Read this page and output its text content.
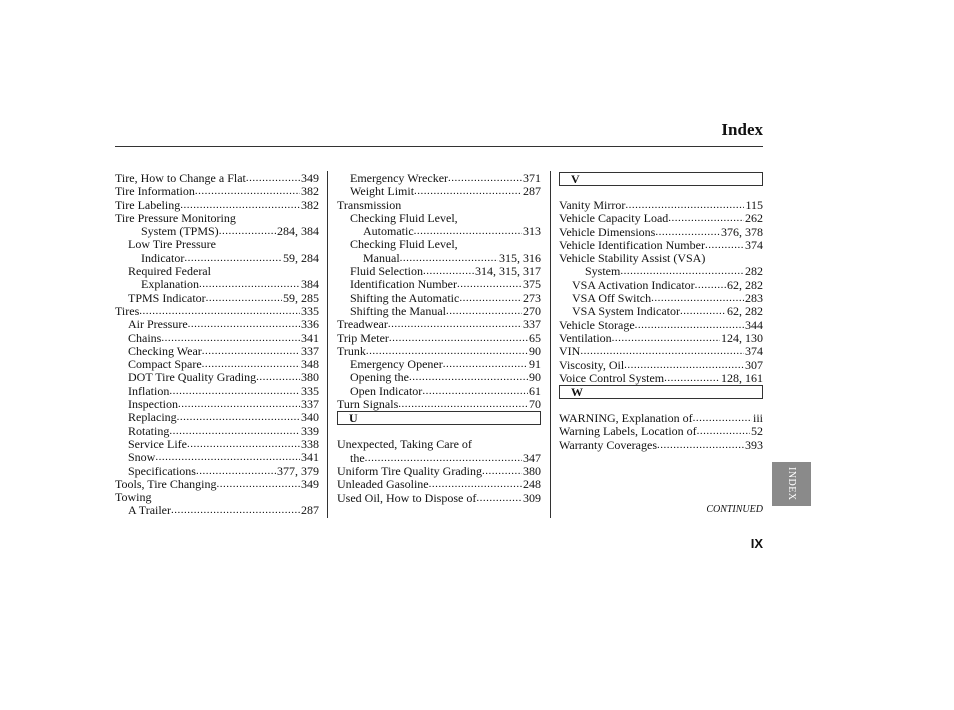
Index
Tire, How to Change a Flat .....	349
Tire Information .....	382
Tire Labeling .....	382
Tire Pressure Monitoring
System (TPMS) .....	284, 384
Low Tire Pressure
Indicator .....	59, 284
Required Federal
Explanation .....	384
TPMS Indicator .....	59, 285
Tires .....	335
Air Pressure .....	336
Chains .....	341
Checking Wear .....	337
Compact Spare .....	348
DOT Tire Quality Grading .....	380
Inflation .....	335
Inspection .....	337
Replacing .....	340
Rotating .....	339
Service Life .....	338
Snow .....	341
Specifications .....	377, 379
Tools, Tire Changing .....	349
Towing
A Trailer .....	287
Emergency Wrecker .....	371
Weight Limit .....	287
Transmission
Checking Fluid Level,
Automatic .....	313
Checking Fluid Level,
Manual .....	315, 316
Fluid Selection .....	314, 315, 317
Identification Number .....	375
Shifting the Automatic .....	273
Shifting the Manual .....	270
Treadwear .....	337
Trip Meter .....	65
Trunk .....	90
Emergency Opener .....	91
Opening the .....	90
Open Indicator .....	61
Turn Signals .....	70
U
Unexpected, Taking Care of
the .....	347
Uniform Tire Quality Grading .....	380
Unleaded Gasoline .....	248
Used Oil, How to Dispose of .....	309
V
Vanity Mirror .....	115
Vehicle Capacity Load .....	262
Vehicle Dimensions .....	376, 378
Vehicle Identification Number .....	374
Vehicle Stability Assist (VSA)
System .....	282
VSA Activation Indicator .....	62, 282
VSA Off Switch .....	283
VSA System Indicator .....	62, 282
Vehicle Storage .....	344
Ventilation .....	124, 130
VIN .....	374
Viscosity, Oil .....	307
Voice Control System .....	128, 161
W
WARNING, Explanation of .....	iii
Warning Labels, Location of .....	52
Warranty Coverages .....	393
INDEX
CONTINUED
IX
